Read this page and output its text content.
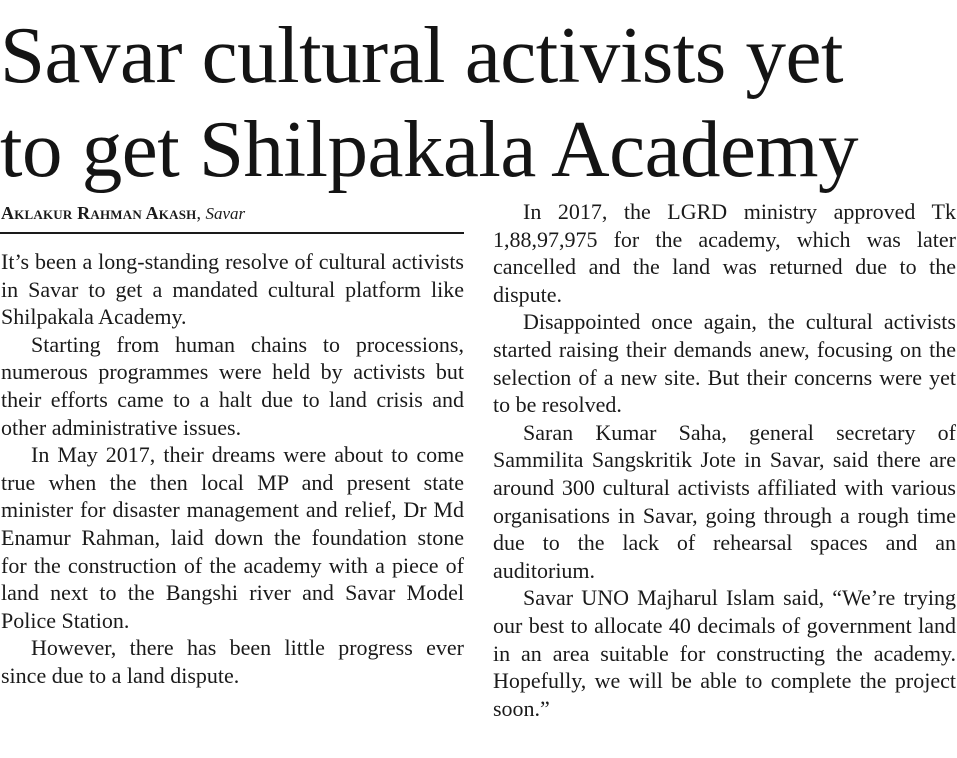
Savar cultural activists yet
to get Shilpakala Academy
Aklakur Rahman Akash, Savar

It’s been a long-standing resolve of cultural activists in Savar to get a mandated cultural platform like Shilpakala Academy.

Starting from human chains to processions, numerous programmes were held by activists but their efforts came to a halt due to land crisis and other administrative issues.

In May 2017, their dreams were about to come true when the then local MP and present state minister for disaster management and relief, Dr Md Enamur Rahman, laid down the foundation stone for the construction of the academy with a piece of land next to the Bangshi river and Savar Model Police Station.

However, there has been little progress ever since due to a land dispute.

In 2017, the LGRD ministry approved Tk 1,88,97,975 for the academy, which was later cancelled and the land was returned due to the dispute.

Disappointed once again, the cultural activists started raising their demands anew, focusing on the selection of a new site. But their concerns were yet to be resolved.

Saran Kumar Saha, general secretary of Sammilita Sangskritik Jote in Savar, said there are around 300 cultural activists affiliated with various organisations in Savar, going through a rough time due to the lack of rehearsal spaces and an auditorium.

Savar UNO Majharul Islam said, “We’re trying our best to allocate 40 decimals of government land in an area suitable for constructing the academy. Hopefully, we will be able to complete the project soon.”
